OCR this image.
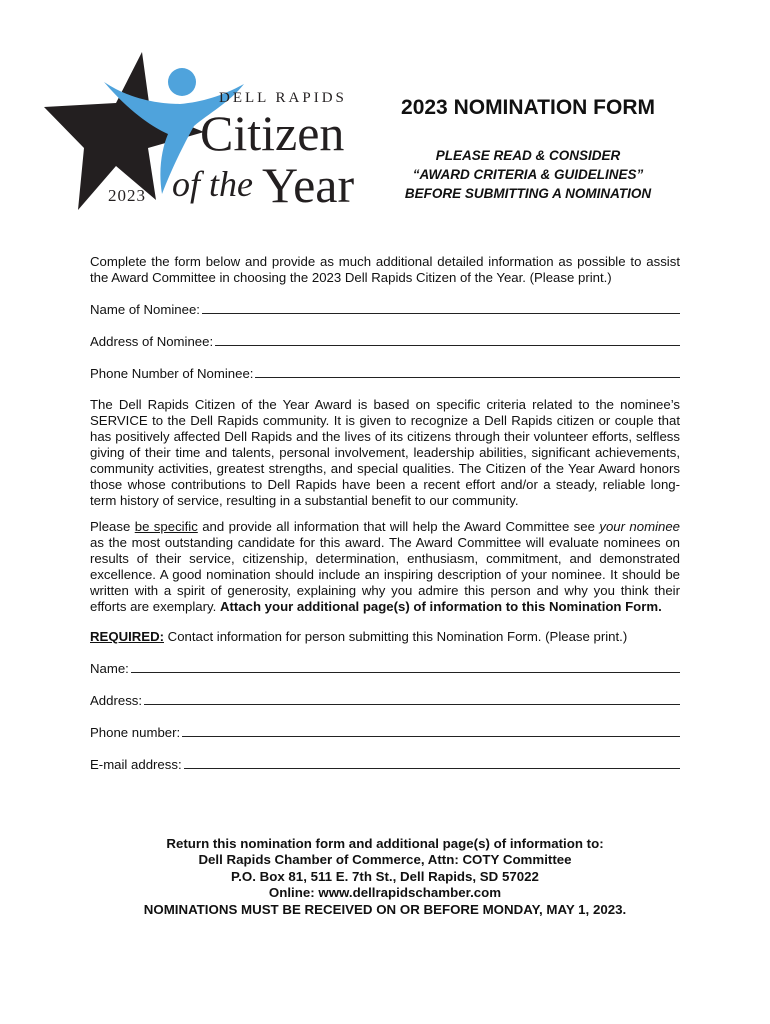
DELL RAPIDS
Citizen
of the Year
2023
2023 NOMINATION FORM
PLEASE READ & CONSIDER
“AWARD CRITERIA & GUIDELINES”
BEFORE SUBMITTING A NOMINATION

Complete the form below and provide as much additional detailed information as possible to assist the Award Committee in choosing the 2023 Dell Rapids Citizen of the Year. (Please print.)

Name of Nominee:
Address of Nominee:
Phone Number of Nominee:

The Dell Rapids Citizen of the Year Award is based on specific criteria related to the nominee’s SERVICE to the Dell Rapids community. It is given to recognize a Dell Rapids citizen or couple that has positively affected Dell Rapids and the lives of its citizens through their volunteer efforts, selfless giving of their time and talents, personal involvement, leadership abilities, significant achievements, community activities, greatest strengths, and special qualities. The Citizen of the Year Award honors those whose contributions to Dell Rapids have been a recent effort and/or a steady, reliable long-term history of service, resulting in a substantial benefit to our community.

Please be specific and provide all information that will help the Award Committee see your nominee as the most outstanding candidate for this award. The Award Committee will evaluate nominees on results of their service, citizenship, determination, enthusiasm, commitment, and demonstrated excellence. A good nomination should include an inspiring description of your nominee. It should be written with a spirit of generosity, explaining why you admire this person and why you think their efforts are exemplary. Attach your additional page(s) of information to this Nomination Form.

REQUIRED: Contact information for person submitting this Nomination Form. (Please print.)

Name:
Address:
Phone number:
E-mail address:
Return this nomination form and additional page(s) of information to:
Dell Rapids Chamber of Commerce, Attn: COTY Committee
P.O. Box 81, 511 E. 7th St., Dell Rapids, SD 57022
Online: www.dellrapidschamber.com
NOMINATIONS MUST BE RECEIVED ON OR BEFORE MONDAY, MAY 1, 2023.
